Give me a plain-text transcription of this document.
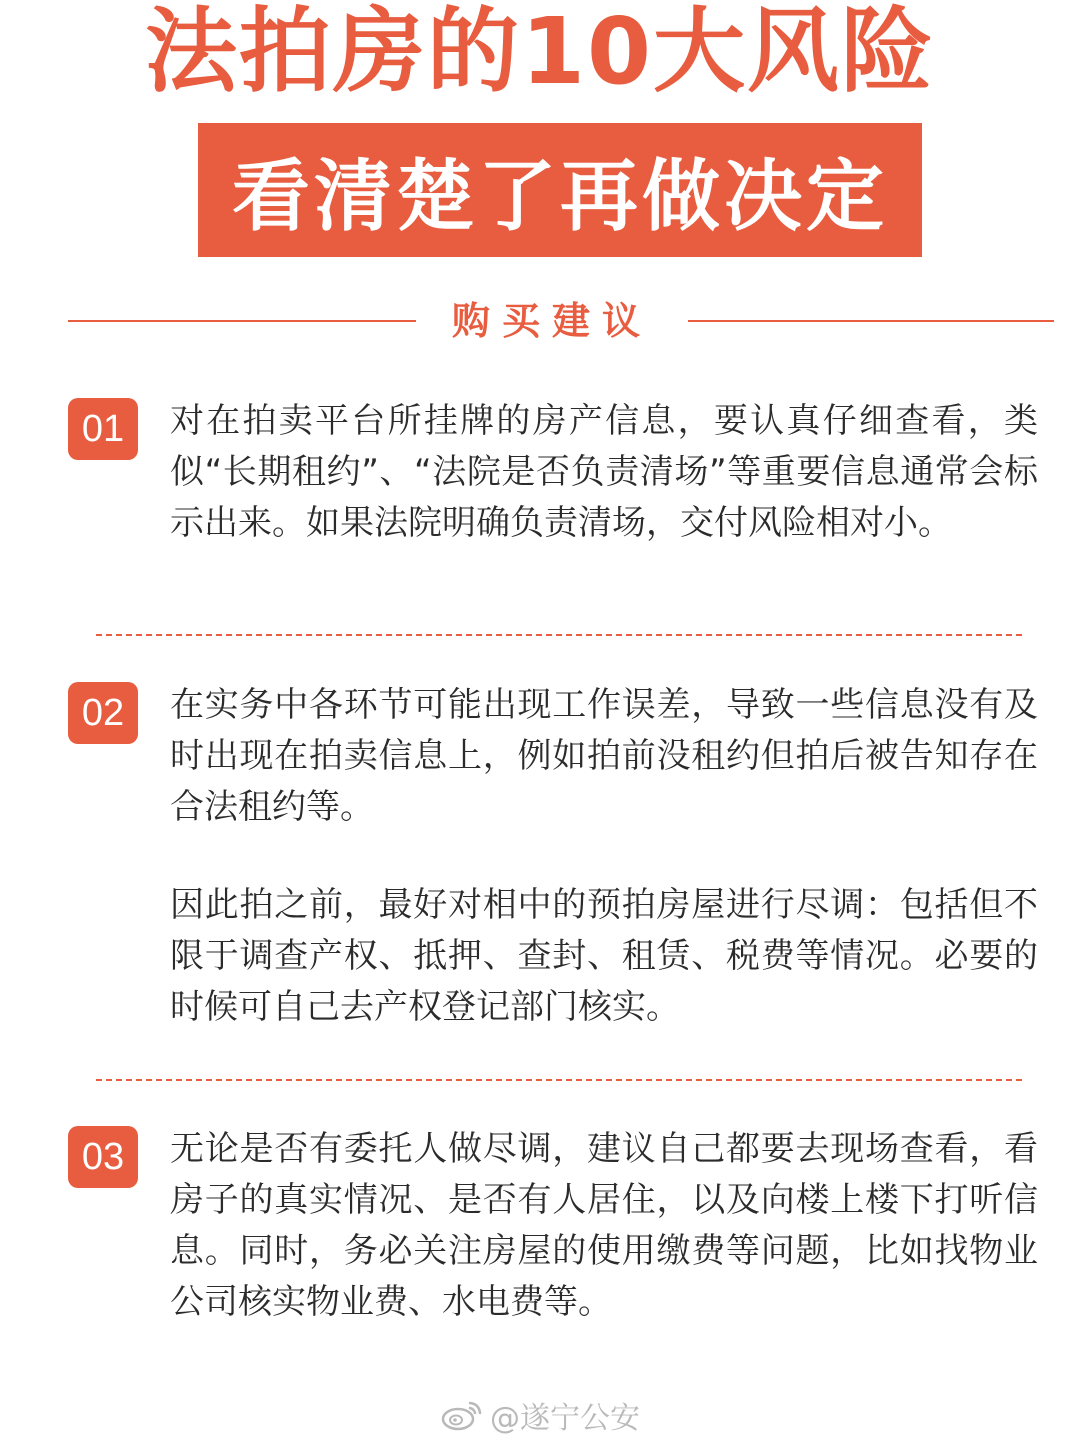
法拍房的10大风险
看清楚了再做决定
购买建议
01	对在拍卖平台所挂牌的房产信息，要认真仔细查看，类似“长期租约”、“法院是否负责清场”等重要信息通常会标示出来。如果法院明确负责清场，交付风险相对小。

02	在实务中各环节可能出现工作误差，导致一些信息没有及时出现在拍卖信息上，例如拍前没租约但拍后被告知存在合法租约等。

因此拍之前，最好对相中的预拍房屋进行尽调：包括但不限于调查产权、抵押、查封、租赁、税费等情况。必要的时候可自己去产权登记部门核实。

03	无论是否有委托人做尽调，建议自己都要去现场查看，看房子的真实情况、是否有人居住，以及向楼上楼下打听信息。同时，务必关注房屋的使用缴费等问题，比如找物业公司核实物业费、水电费等。

@遂宁公安
